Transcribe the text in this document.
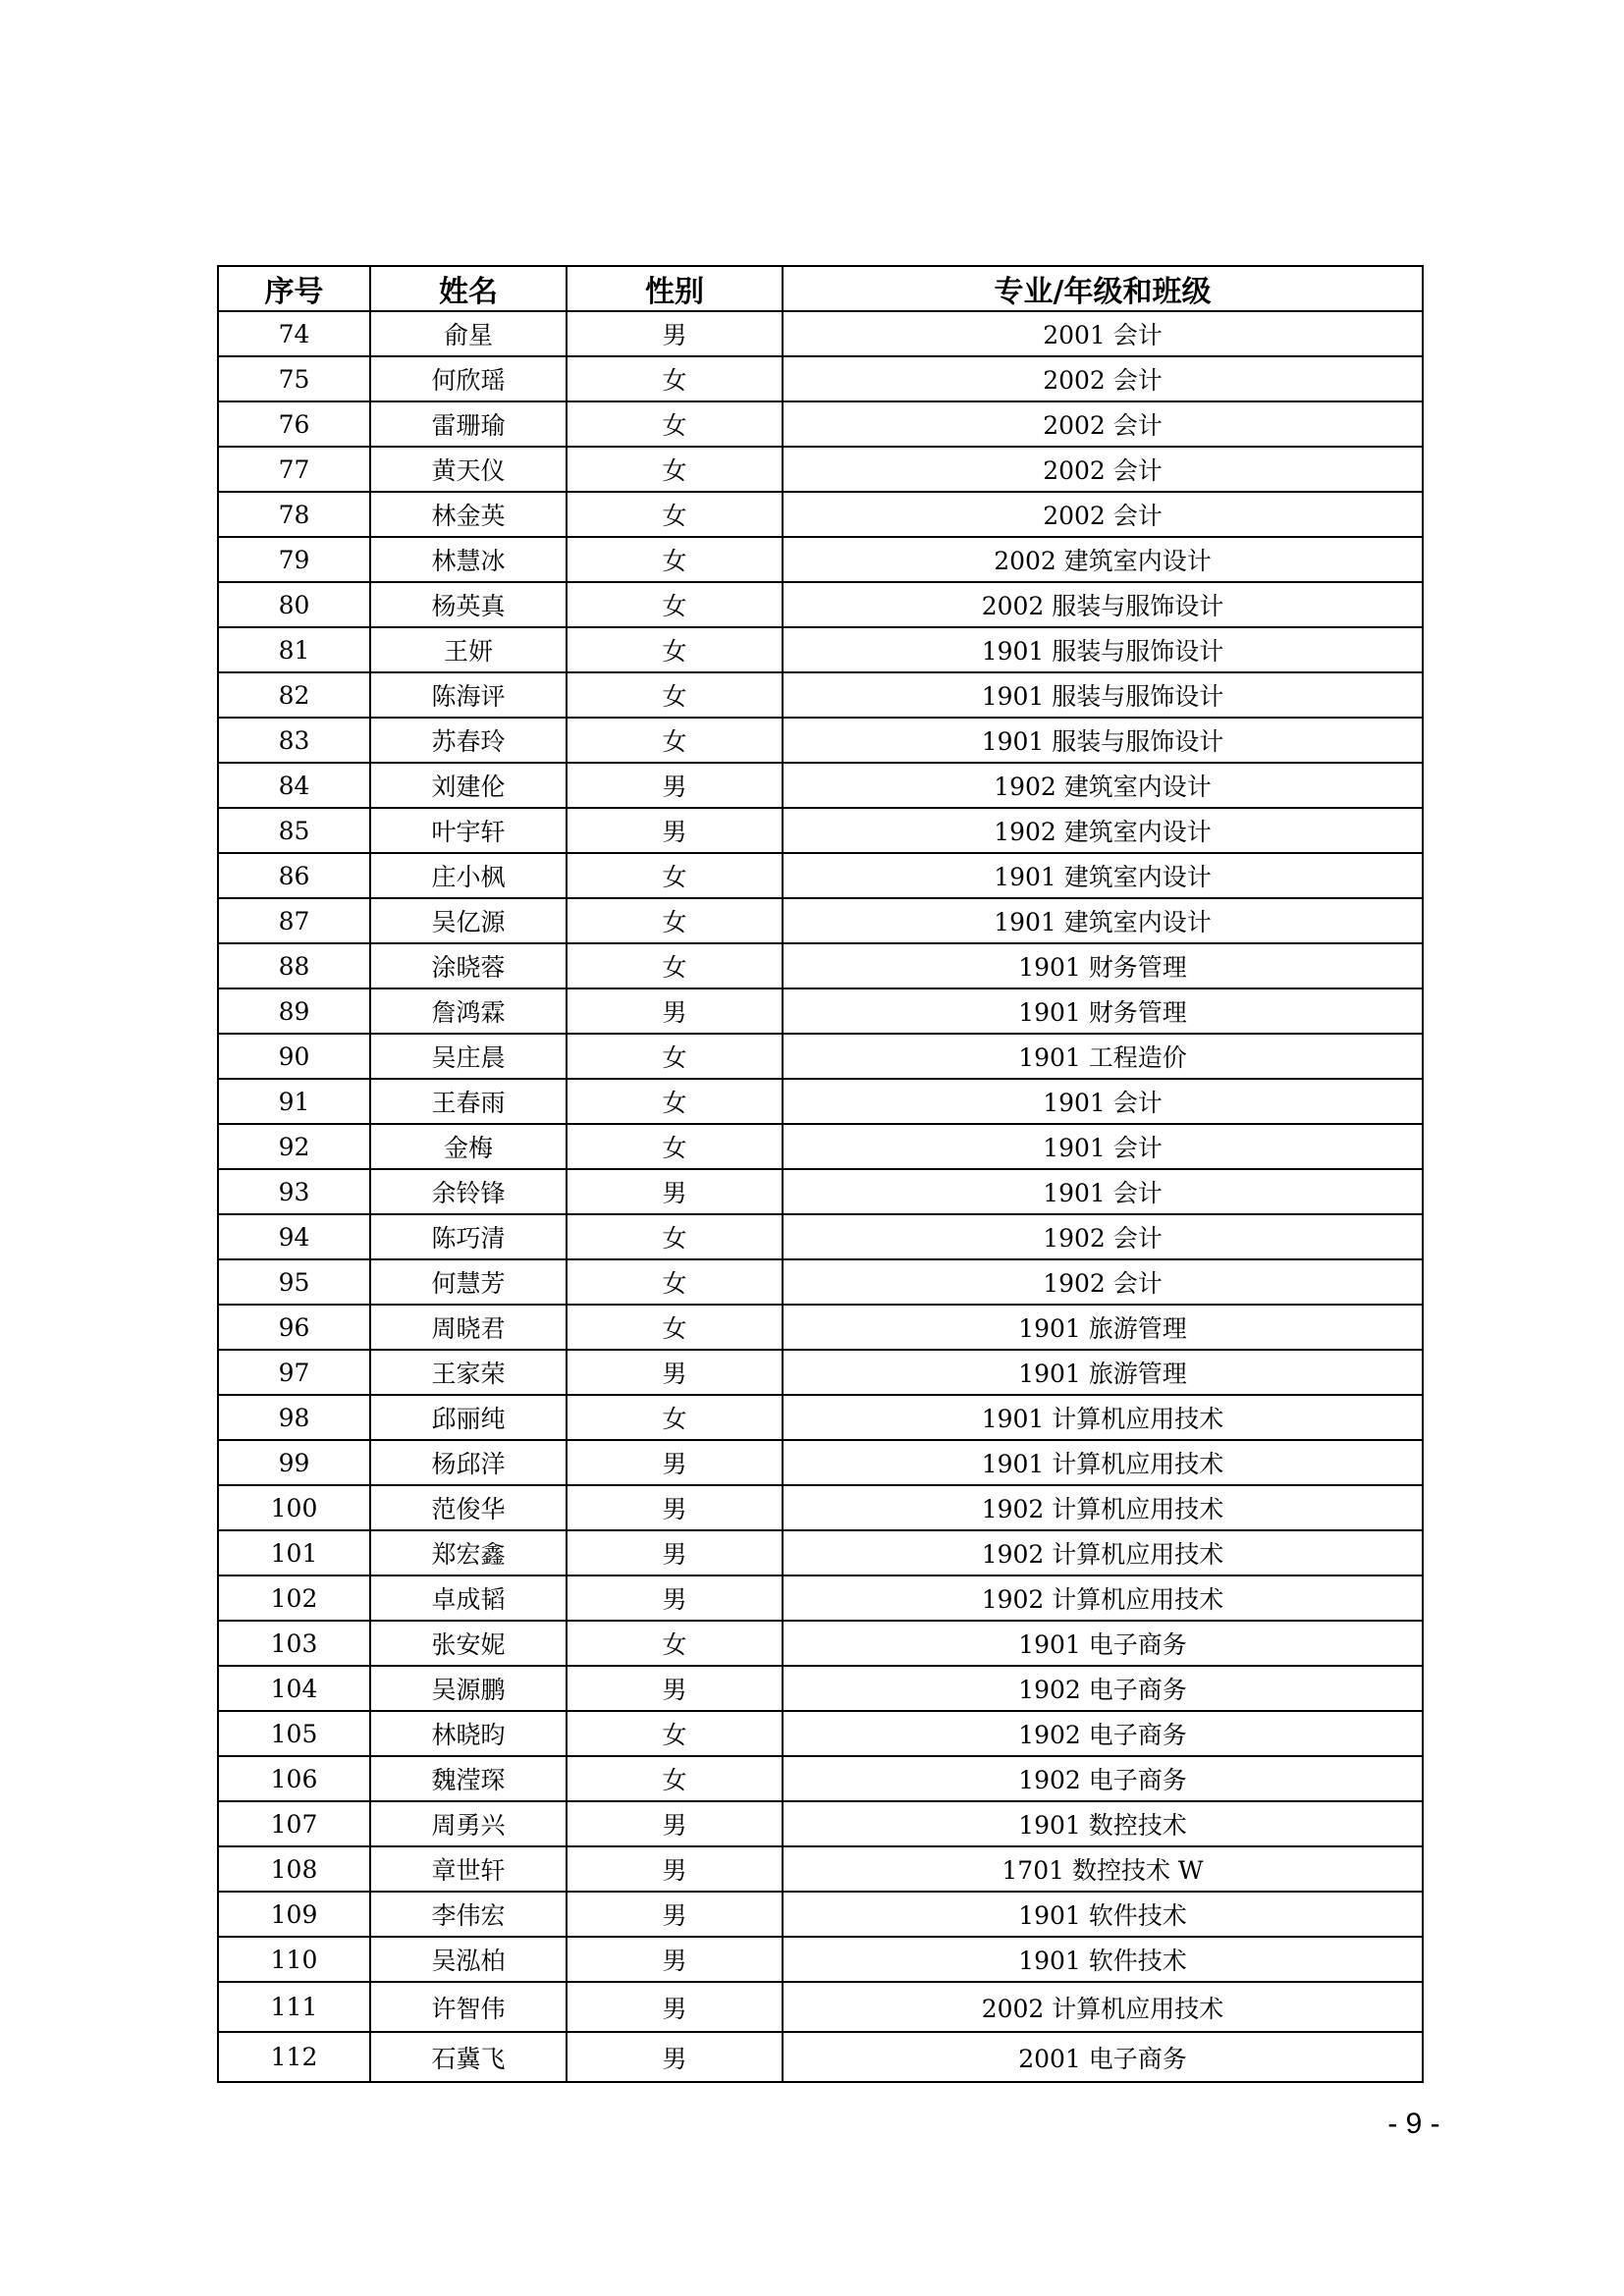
序号	姓名	性别	专业/年级和班级
74	俞星	男	2001 会计
75	何欣瑶	女	2002 会计
76	雷珊瑜	女	2002 会计
77	黄天仪	女	2002 会计
78	林金英	女	2002 会计
79	林慧冰	女	2002 建筑室内设计
80	杨英真	女	2002 服装与服饰设计
81	王妍	女	1901 服装与服饰设计
82	陈海评	女	1901 服装与服饰设计
83	苏春玲	女	1901 服装与服饰设计
84	刘建伦	男	1902 建筑室内设计
85	叶宇轩	男	1902 建筑室内设计
86	庄小枫	女	1901 建筑室内设计
87	吴亿源	女	1901 建筑室内设计
88	涂晓蓉	女	1901 财务管理
89	詹鸿霖	男	1901 财务管理
90	吴庄晨	女	1901 工程造价
91	王春雨	女	1901 会计
92	金梅	女	1901 会计
93	余铃锋	男	1901 会计
94	陈巧清	女	1902 会计
95	何慧芳	女	1902 会计
96	周晓君	女	1901 旅游管理
97	王家荣	男	1901 旅游管理
98	邱丽纯	女	1901 计算机应用技术
99	杨邱洋	男	1901 计算机应用技术
100	范俊华	男	1902 计算机应用技术
101	郑宏鑫	男	1902 计算机应用技术
102	卓成韬	男	1902 计算机应用技术
103	张安妮	女	1901 电子商务
104	吴源鹏	男	1902 电子商务
105	林晓昀	女	1902 电子商务
106	魏滢琛	女	1902 电子商务
107	周勇兴	男	1901 数控技术
108	章世轩	男	1701 数控技术 W
109	李伟宏	男	1901 软件技术
110	吴泓柏	男	1901 软件技术
111	许智伟	男	2002 计算机应用技术
112	石冀飞	男	2001 电子商务
- 9 -
